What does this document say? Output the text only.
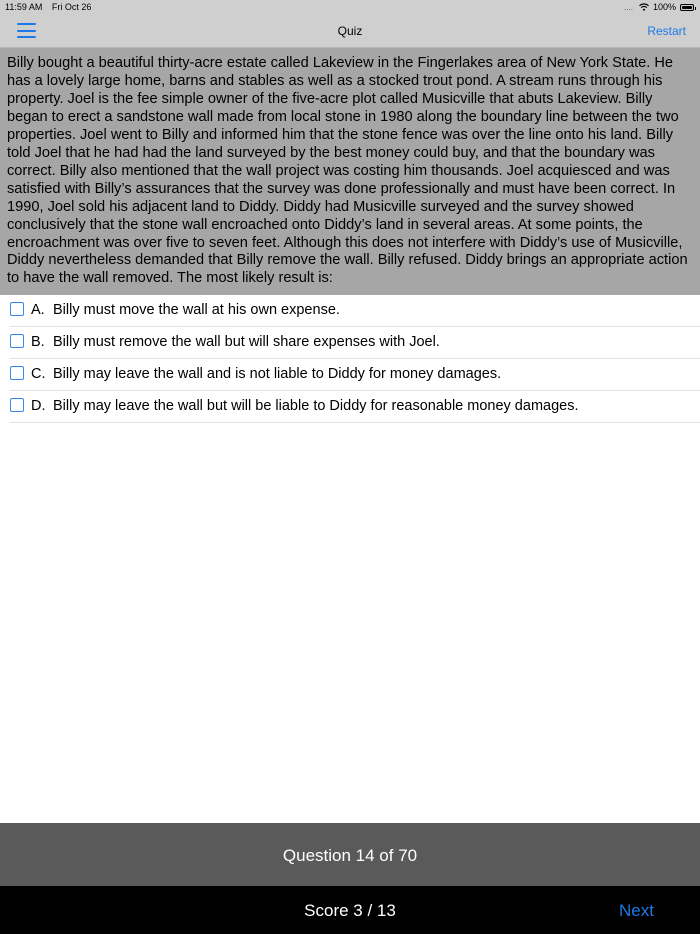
11:59 AM Fri Oct 26	.... 100%
Quiz	Restart
Billy bought a beautiful thirty-acre estate called Lakeview in the Fingerlakes area of New York State. He has a lovely large home, barns and stables as well as a stocked trout pond. A stream runs through his property. Joel is the fee simple owner of the five-acre plot called Musicville that abuts Lakeview. Billy began to erect a sandstone wall made from local stone in 1980 along the boundary line between the two properties. Joel went to Billy and informed him that the stone fence was over the line onto his land. Billy told Joel that he had had the land surveyed by the best money could buy, and that the boundary was correct. Billy also mentioned that the wall project was costing him thousands. Joel acquiesced and was satisfied with Billy’s assurances that the survey was done professionally and must have been correct. In 1990, Joel sold his adjacent land to Diddy. Diddy had Musicville surveyed and the survey showed conclusively that the stone wall encroached onto Diddy’s land in several areas. At some points, the encroachment was over five to seven feet. Although this does not interfere with Diddy’s use of Musicville, Diddy nevertheless demanded that Billy remove the wall. Billy refused. Diddy brings an appropriate action to have the wall removed. The most likely result is:
A. Billy must move the wall at his own expense.
B. Billy must remove the wall but will share expenses with Joel.
C. Billy may leave the wall and is not liable to Diddy for money damages.
D. Billy may leave the wall but will be liable to Diddy for reasonable money damages.
Question 14 of 70
Score 3 / 13	Next
